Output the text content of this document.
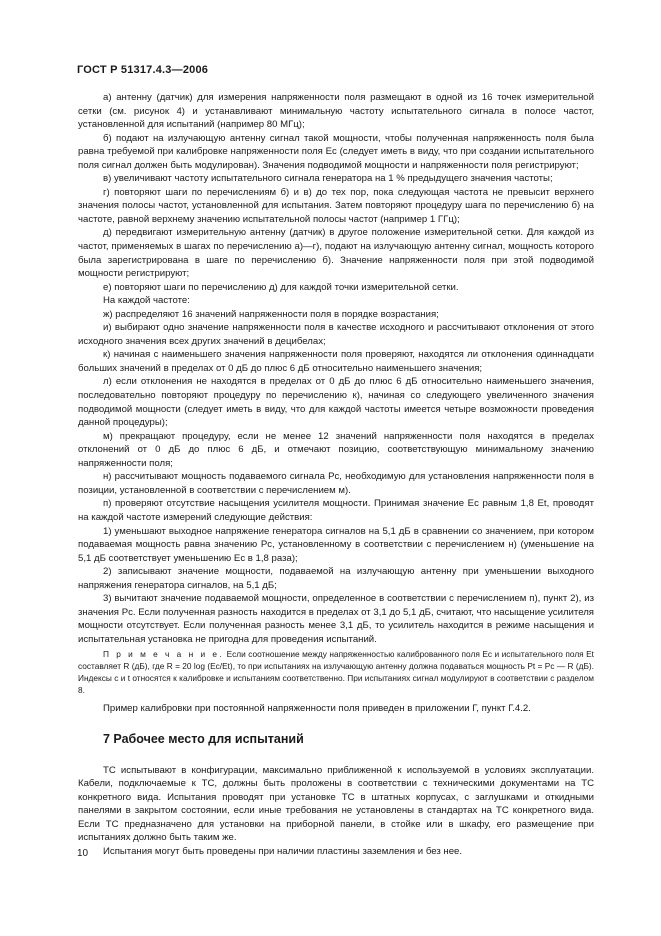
ГОСТ Р 51317.4.3—2006

а) антенну (датчик) для измерения напряженности поля размещают в одной из 16 точек измерительной сетки (см. рисунок 4) и устанавливают минимальную частоту испытательного сигнала в полосе частот, установленной для испытаний (например 80 МГц);

б) подают на излучающую антенну сигнал такой мощности, чтобы полученная напряженность поля была равна требуемой при калибровке напряженности поля Ec (следует иметь в виду, что при создании испытательного поля сигнал должен быть модулирован). Значения подводимой мощности и напряженности поля регистрируют;

в) увеличивают частоту испытательного сигнала генератора на 1 % предыдущего значения частоты;

г) повторяют шаги по перечислениям б) и в) до тех пор, пока следующая частота не превысит верхнего значения полосы частот, установленной для испытания. Затем повторяют процедуру шага по перечислению б) на частоте, равной верхнему значению испытательной полосы частот (например 1 ГГц);

д) передвигают измерительную антенну (датчик) в другое положение измерительной сетки. Для каждой из частот, применяемых в шагах по перечислению а)—г), подают на излучающую антенну сигнал, мощность которого была зарегистрирована в шаге по перечислению б). Значение напряженности поля при этой подводимой мощности регистрируют;

е) повторяют шаги по перечислению д) для каждой точки измерительной сетки.

На каждой частоте:

ж) распределяют 16 значений напряженности поля в порядке возрастания;

и) выбирают одно значение напряженности поля в качестве исходного и рассчитывают отклонения от этого исходного значения всех других значений в децибелах;

к) начиная с наименьшего значения напряженности поля проверяют, находятся ли отклонения одиннадцати больших значений в пределах от 0 дБ до плюс 6 дБ относительно наименьшего значения;

л) если отклонения не находятся в пределах от 0 дБ до плюс 6 дБ относительно наименьшего значения, последовательно повторяют процедуру по перечислению к), начиная со следующего увеличенного значения подводимой мощности (следует иметь в виду, что для каждой частоты имеется четыре возможности проведения данной процедуры);

м) прекращают процедуру, если не менее 12 значений напряженности поля находятся в пределах отклонений от 0 дБ до плюс 6 дБ, и отмечают позицию, соответствующую минимальному значению напряженности поля;

н) рассчитывают мощность подаваемого сигнала Pc, необходимую для установления напряженности поля в позиции, установленной в соответствии с перечислением м).

п) проверяют отсутствие насыщения усилителя мощности. Принимая значение Ec равным 1,8 Et, проводят на каждой частоте измерений следующие действия:

1) уменьшают выходное напряжение генератора сигналов на 5,1 дБ в сравнении со значением, при котором подаваемая мощность равна значению Pc, установленному в соответствии с перечислением н) (уменьшение на 5,1 дБ соответствует уменьшению Ec в 1,8 раза);

2) записывают значение мощности, подаваемой на излучающую антенну при уменьшении выходного напряжения генератора сигналов, на 5,1 дБ;

3) вычитают значение подаваемой мощности, определенное в соответствии с перечислением п), пункт 2), из значения Pc. Если полученная разность находится в пределах от 3,1 до 5,1 дБ, считают, что насыщение усилителя мощности отсутствует. Если полученная разность менее 3,1 дБ, то усилитель находится в режиме насыщения и испытательная установка не пригодна для проведения испытаний.

П р и м е ч а н и е. Если соотношение между напряженностью калиброванного поля Ec и испытательного поля Et составляет R (дБ), где R = 20 log (Ec/Et), то при испытаниях на излучающую антенну должна подаваться мощность Pt = Pc — R (дБ). Индексы c и t относятся к калибровке и испытаниям соответственно. При испытаниях сигнал модулируют в соответствии с разделом 8.

Пример калибровки при постоянной напряженности поля приведен в приложении Г, пункт Г.4.2.

7 Рабочее место для испытаний

ТС испытывают в конфигурации, максимально приближенной к используемой в условиях эксплуатации. Кабели, подключаемые к ТС, должны быть проложены в соответствии с техническими документами на ТС конкретного вида. Испытания проводят при установке ТС в штатных корпусах, с заглушками и откидными панелями в закрытом состоянии, если иные требования не установлены в стандартах на ТС конкретного вида. Если ТС предназначено для установки на приборной панели, в стойке или в шкафу, его размещение при испытаниях должно быть таким же.

Испытания могут быть проведены при наличии пластины заземления и без нее.

10
